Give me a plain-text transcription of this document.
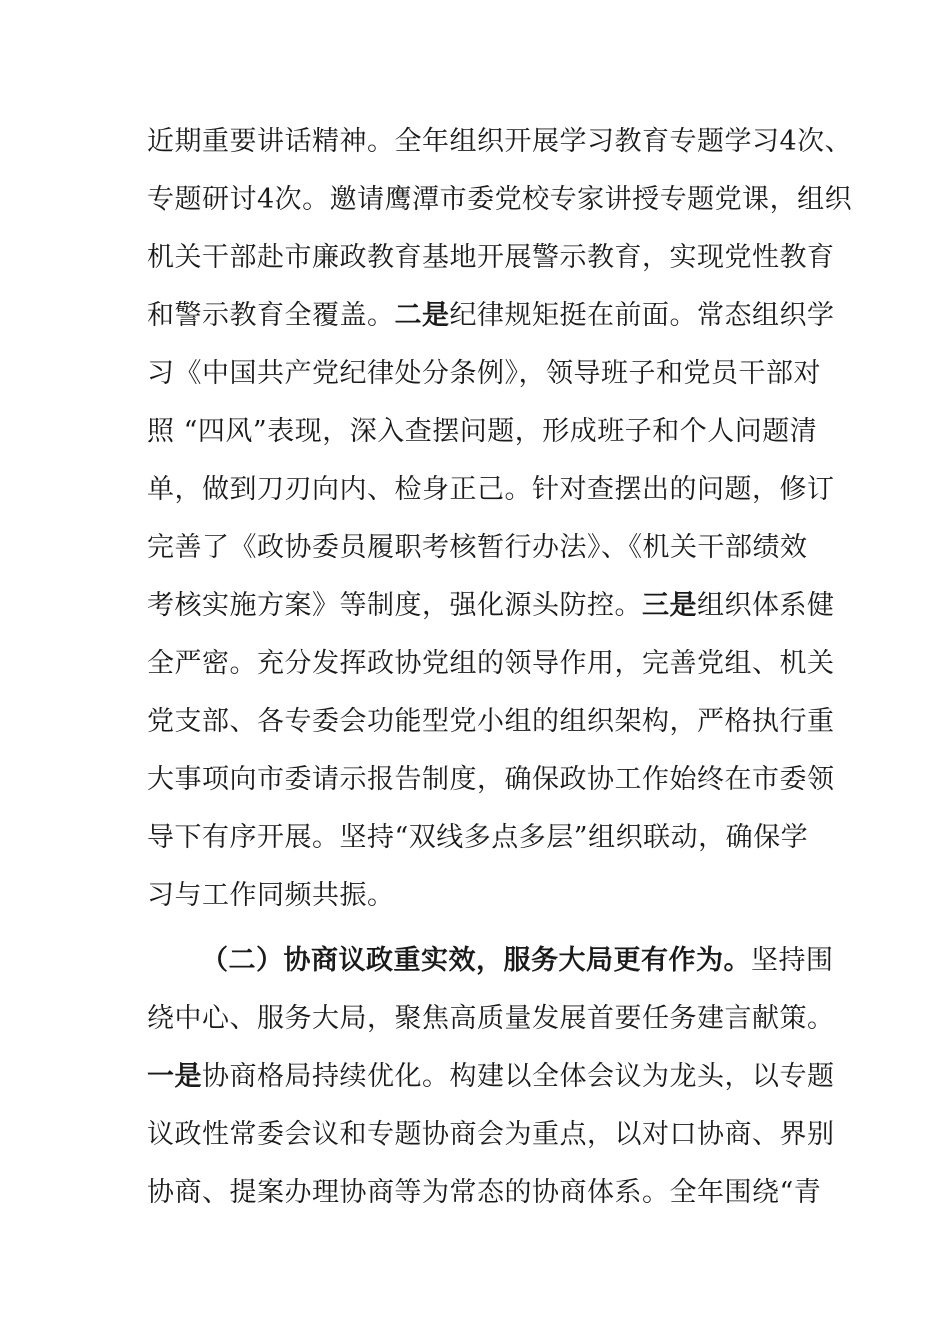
近期重要讲话精神。全年组织开展学习教育专题学习4次、
专题研讨4次。邀请鹰潭市委党校专家讲授专题党课，组织
机关干部赴市廉政教育基地开展警示教育，实现党性教育
和警示教育全覆盖。二是纪律规矩挺在前面。常态组织学
习《中国共产党纪律处分条例》，领导班子和党员干部对
照 “四风”表现，深入查摆问题，形成班子和个人问题清
单，做到刀刃向内、检身正己。针对查摆出的问题，修订
完善了《政协委员履职考核暂行办法》、《机关干部绩效
考核实施方案》等制度，强化源头防控。三是组织体系健
全严密。充分发挥政协党组的领导作用，完善党组、机关
党支部、各专委会功能型党小组的组织架构，严格执行重
大事项向市委请示报告制度，确保政协工作始终在市委领
导下有序开展。坚持“双线多点多层”组织联动，确保学
习与工作同频共振。
（二）协商议政重实效，服务大局更有作为。坚持围
绕中心、服务大局，聚焦高质量发展首要任务建言献策。
一是协商格局持续优化。构建以全体会议为龙头，以专题
议政性常委会议和专题协商会为重点，以对口协商、界别
协商、提案办理协商等为常态的协商体系。全年围绕“青
